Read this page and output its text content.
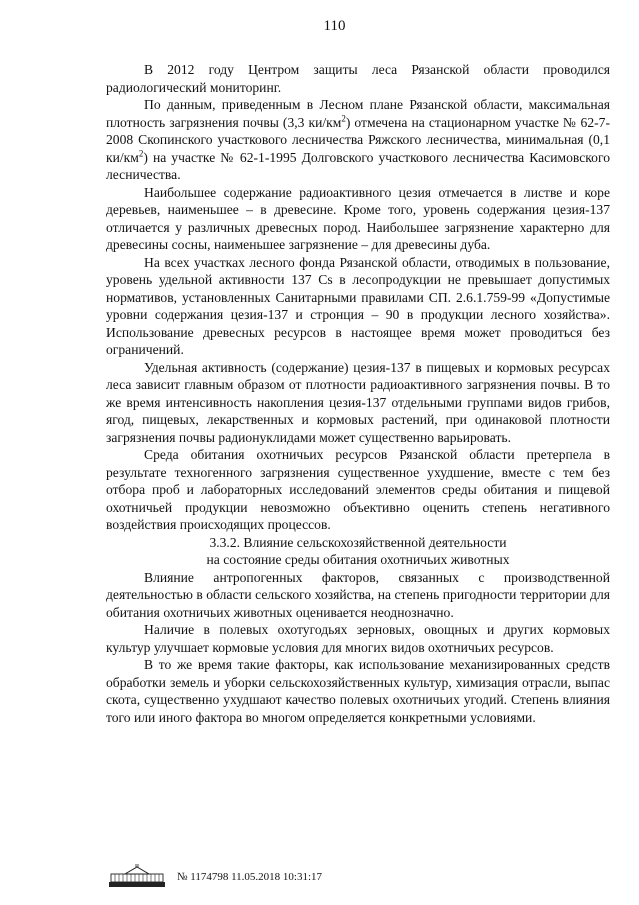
110

В 2012 году Центром защиты леса Рязанской области проводился радиологический мониторинг.

По данным, приведенным в Лесном плане Рязанской области, максимальная плотность загрязнения почвы (3,3 $ки/км^2$) отмечена на стационарном участке № 62-7-2008 Скопинского участкового лесничества Ряжского лесничества, минимальная (0,1 $ки/км^2$) на участке № 62-1-1995 Долговского участкового лесничества Касимовского лесничества.

Наибольшее содержание радиоактивного цезия отмечается в листве и коре деревьев, наименьшее – в древесине. Кроме того, уровень содержания цезия-137 отличается у различных древесных пород. Наибольшее загрязнение характерно для древесины сосны, наименьшее загрязнение – для древесины дуба.

На всех участках лесного фонда Рязанской области, отводимых в пользование, уровень удельной активности 137 Cs в лесопродукции не превышает допустимых нормативов, установленных Санитарными правилами СП. 2.6.1.759-99 «Допустимые уровни содержания цезия-137 и стронция – 90 в продукции лесного хозяйства». Использование древесных ресурсов в настоящее время может проводиться без ограничений.

Удельная активность (содержание) цезия-137 в пищевых и кормовых ресурсах леса зависит главным образом от плотности радиоактивного загрязнения почвы. В то же время интенсивность накопления цезия-137 отдельными группами видов грибов, ягод, пищевых, лекарственных и кормовых растений, при одинаковой плотности загрязнения почвы радионуклидами может существенно варьировать.

Среда обитания охотничьих ресурсов Рязанской области претерпела в результате техногенного загрязнения существенное ухудшение, вместе с тем без отбора проб и лабораторных исследований элементов среды обитания и пищевой охотничьей продукции невозможно объективно оценить степень негативного воздействия происходящих процессов.

3.3.2. Влияние сельскохозяйственной деятельности
на состояние среды обитания охотничьих животных

Влияние антропогенных факторов, связанных с производственной деятельностью в области сельского хозяйства, на степень пригодности территории для обитания охотничьих животных оценивается неоднозначно.

Наличие в полевых охотугодьях зерновых, овощных и других кормовых культур улучшает кормовые условия для многих видов охотничьих ресурсов.

В то же время такие факторы, как использование механизированных средств обработки земель и уборки сельскохозяйственных культур, химизация отрасли, выпас скота, существенно ухудшают качество полевых охотничьих угодий. Степень влияния того или иного фактора во многом определяется конкретными условиями.

№ 1174798 11.05.2018 10:31:17
